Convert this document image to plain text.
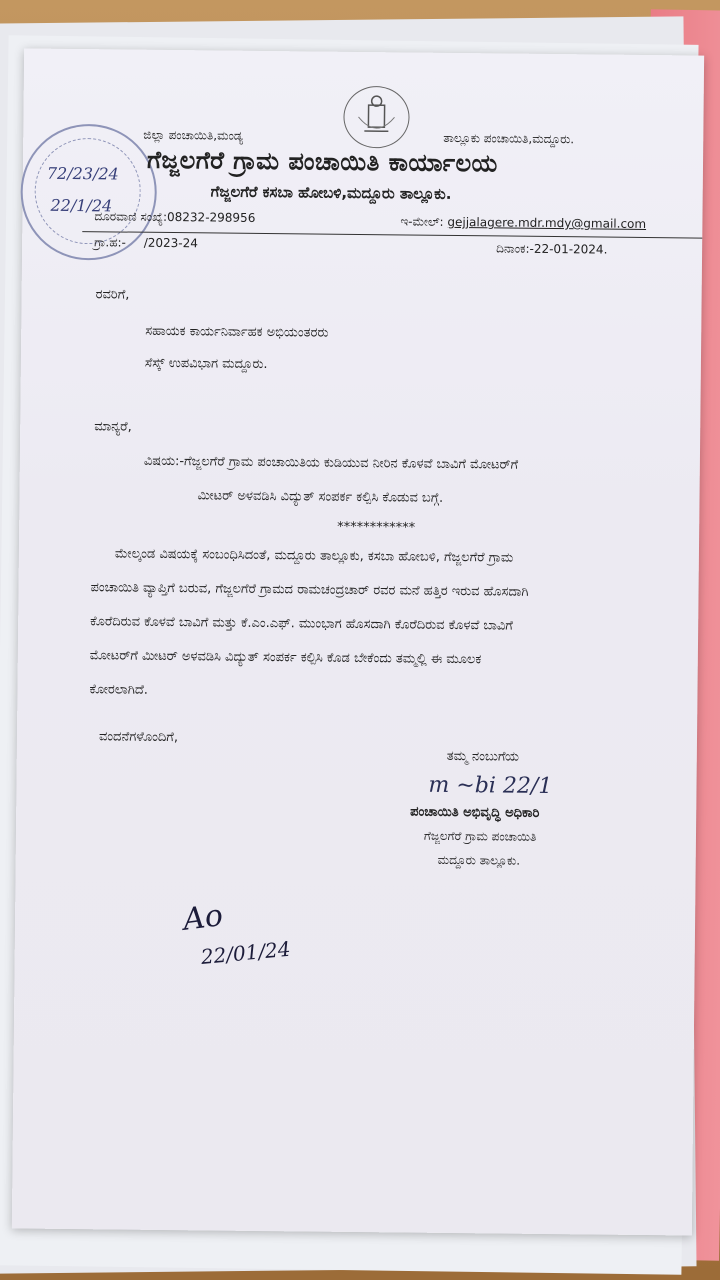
72/23/24
22/1/24
ಜಿಲ್ಲಾ ಪಂಚಾಯಿತಿ,ಮಂಡ್ಯ	ತಾಲ್ಲೂಕು ಪಂಚಾಯಿತಿ,ಮದ್ದೂರು.
ಗೆಜ್ಜಲಗೆರೆ ಗ್ರಾಮ ಪಂಚಾಯಿತಿ ಕಾರ್ಯಾಲಯ
ಗೆಜ್ಜಲಗೆರೆ ಕಸಬಾ ಹೋಬಳಿ,ಮದ್ದೂರು ತಾಲ್ಲೂಕು.
ದೂರವಾಣಿ ಸಂಖ್ಯೆ:08232-298956	ಇ-ಮೇಲ್: gejjalagere.mdr.mdy@gmail.com
ಗ್ರಾ.ಹ:- /2023-24	ದಿನಾಂಕ:-22-01-2024.
ರವರಿಗೆ,
ಸಹಾಯಕ ಕಾರ್ಯನಿರ್ವಾಹಕ ಅಭಿಯಂತರರು
ಸೆಸ್ಕ್ ಉಪವಿಭಾಗ ಮದ್ದೂರು.
ಮಾನ್ಯರೆ,
ವಿಷಯ:-ಗೆಜ್ಜಲಗೆರೆ ಗ್ರಾಮ ಪಂಚಾಯಿತಿಯ ಕುಡಿಯುವ ನೀರಿನ ಕೊಳವೆ ಬಾವಿಗೆ ಮೋಟರ್‌ಗೆ
ಮೀಟರ್ ಅಳವಡಿಸಿ ವಿದ್ಯುತ್ ಸಂಪರ್ಕ ಕಲ್ಪಿಸಿ ಕೊಡುವ ಬಗ್ಗೆ.
************
ಮೇಲ್ಕಂಡ ವಿಷಯಕ್ಕೆ ಸಂಬಂಧಿಸಿದಂತೆ, ಮದ್ದೂರು ತಾಲ್ಲೂಕು, ಕಸಬಾ ಹೋಬಳಿ, ಗೆಜ್ಜಲಗೆರೆ ಗ್ರಾಮ
ಪಂಚಾಯಿತಿ ವ್ಯಾಪ್ತಿಗೆ ಬರುವ, ಗೆಜ್ಜಲಗೆರೆ ಗ್ರಾಮದ ರಾಮಚಂದ್ರಚಾರ್ ರವರ ಮನೆ ಹತ್ತಿರ ಇರುವ ಹೊಸದಾಗಿ
ಕೊರೆದಿರುವ ಕೊಳವೆ ಬಾವಿಗೆ ಮತ್ತು ಕೆ.ಎಂ.ಎಫ್. ಮುಂಭಾಗ ಹೊಸದಾಗಿ ಕೊರೆದಿರುವ ಕೊಳವೆ ಬಾವಿಗೆ
ಮೋಟರ್‌ಗೆ ಮೀಟರ್ ಅಳವಡಿಸಿ ವಿದ್ಯುತ್ ಸಂಪರ್ಕ ಕಲ್ಪಿಸಿ ಕೊಡ ಬೇಕೆಂದು ತಮ್ಮಲ್ಲಿ ಈ ಮೂಲಕ
ಕೋರಲಾಗಿದೆ.
ವಂದನೆಗಳೊಂದಿಗೆ,
ತಮ್ಮ ನಂಬುಗೆಯ
m ~bi 22/1
ಪಂಚಾಯಿತಿ ಅಭಿವೃದ್ಧಿ ಅಧಿಕಾರಿ
ಗೆಜ್ಜಲಗೆರೆ ಗ್ರಾಮ ಪಂಚಾಯಿತಿ
ಮದ್ದೂರು ತಾಲ್ಲೂಕು.
Ao
22/01/24
